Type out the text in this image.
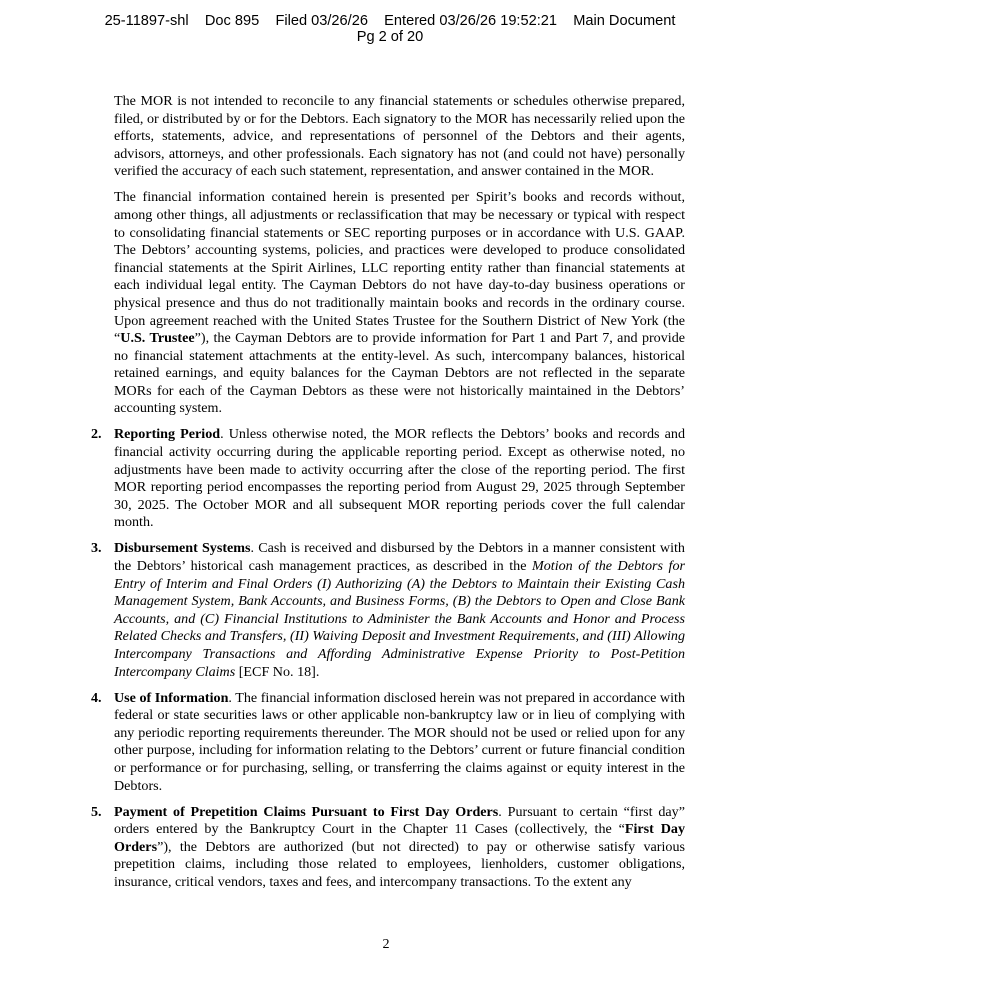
25-11897-shl    Doc 895    Filed 03/26/26    Entered 03/26/26 19:52:21    Main Document
Pg 2 of 20

The MOR is not intended to reconcile to any financial statements or schedules otherwise prepared, filed, or distributed by or for the Debtors. Each signatory to the MOR has necessarily relied upon the efforts, statements, advice, and representations of personnel of the Debtors and their agents, advisors, attorneys, and other professionals. Each signatory has not (and could not have) personally verified the accuracy of each such statement, representation, and answer contained in the MOR.

The financial information contained herein is presented per Spirit’s books and records without, among other things, all adjustments or reclassification that may be necessary or typical with respect to consolidating financial statements or SEC reporting purposes or in accordance with U.S. GAAP. The Debtors’ accounting systems, policies, and practices were developed to produce consolidated financial statements at the Spirit Airlines, LLC reporting entity rather than financial statements at each individual legal entity. The Cayman Debtors do not have day-to-day business operations or physical presence and thus do not traditionally maintain books and records in the ordinary course. Upon agreement reached with the United States Trustee for the Southern District of New York (the “U.S. Trustee”), the Cayman Debtors are to provide information for Part 1 and Part 7, and provide no financial statement attachments at the entity-level. As such, intercompany balances, historical retained earnings, and equity balances for the Cayman Debtors are not reflected in the separate MORs for each of the Cayman Debtors as these were not historically maintained in the Debtors’ accounting system.

2. Reporting Period. Unless otherwise noted, the MOR reflects the Debtors’ books and records and financial activity occurring during the applicable reporting period. Except as otherwise noted, no adjustments have been made to activity occurring after the close of the reporting period. The first MOR reporting period encompasses the reporting period from August 29, 2025 through September 30, 2025. The October MOR and all subsequent MOR reporting periods cover the full calendar month.
3. Disbursement Systems. Cash is received and disbursed by the Debtors in a manner consistent with the Debtors’ historical cash management practices, as described in the Motion of the Debtors for Entry of Interim and Final Orders (I) Authorizing (A) the Debtors to Maintain their Existing Cash Management System, Bank Accounts, and Business Forms, (B) the Debtors to Open and Close Bank Accounts, and (C) Financial Institutions to Administer the Bank Accounts and Honor and Process Related Checks and Transfers, (II) Waiving Deposit and Investment Requirements, and (III) Allowing Intercompany Transactions and Affording Administrative Expense Priority to Post-Petition Intercompany Claims [ECF No. 18].
4. Use of Information. The financial information disclosed herein was not prepared in accordance with federal or state securities laws or other applicable non-bankruptcy law or in lieu of complying with any periodic reporting requirements thereunder. The MOR should not be used or relied upon for any other purpose, including for information relating to the Debtors’ current or future financial condition or performance or for purchasing, selling, or transferring the claims against or equity interest in the Debtors.
5. Payment of Prepetition Claims Pursuant to First Day Orders. Pursuant to certain “first day” orders entered by the Bankruptcy Court in the Chapter 11 Cases (collectively, the “First Day Orders”), the Debtors are authorized (but not directed) to pay or otherwise satisfy various prepetition claims, including those related to employees, lienholders, customer obligations, insurance, critical vendors, taxes and fees, and intercompany transactions. To the extent any
2
